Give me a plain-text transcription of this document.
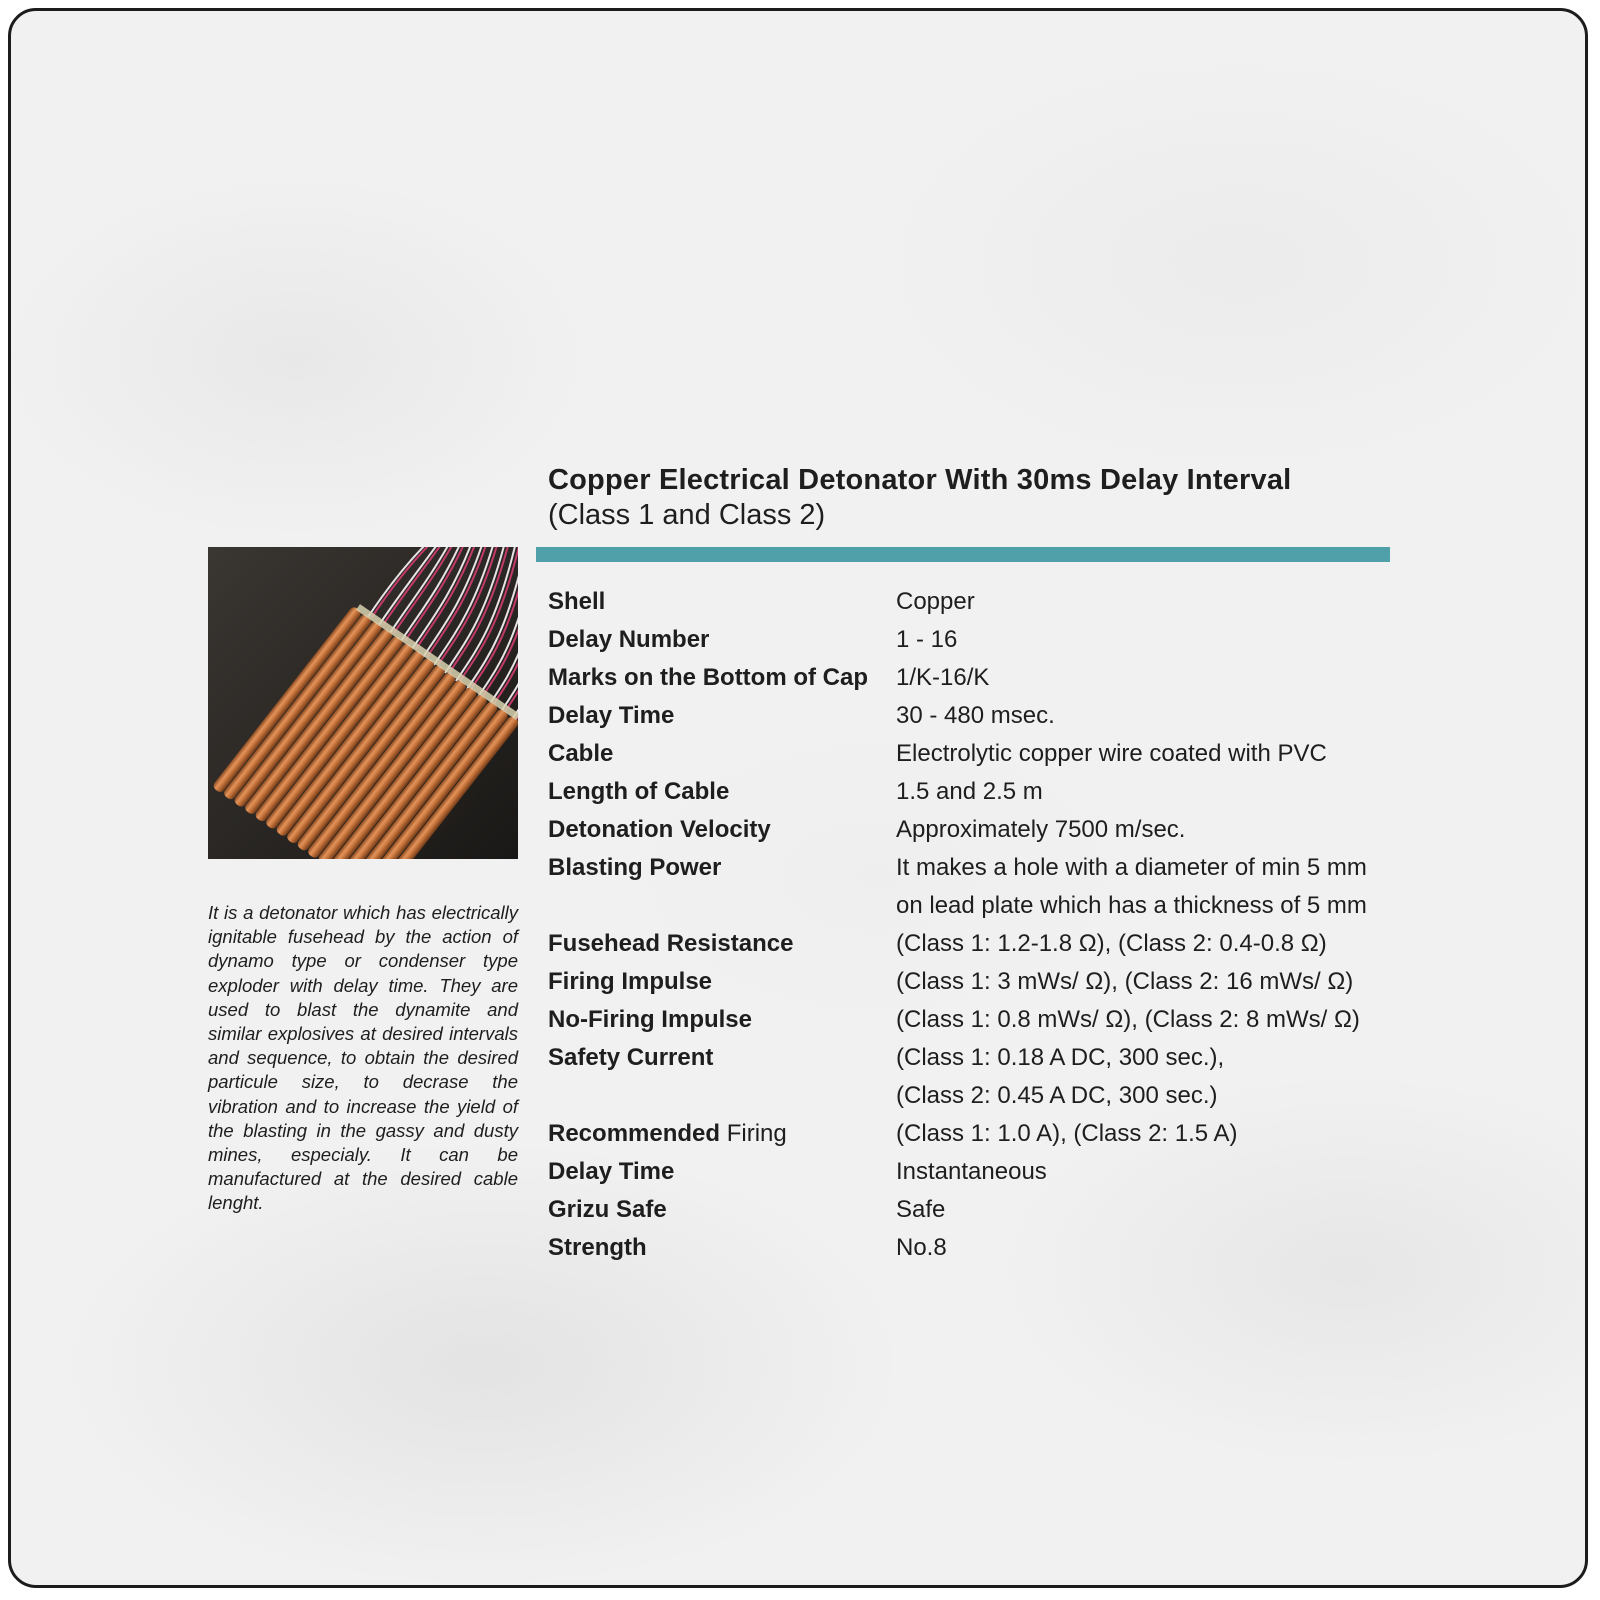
Copper Electrical Detonator With 30ms Delay Interval
(Class 1 and Class 2)

It is a detonator which has electrically ignitable fusehead by the action of dynamo type or condenser type exploder with delay time. They are used to blast the dynamite and similar explosives at desired intervals and sequence, to obtain the desired particule size, to decrase the vibration and to increase the yield of the blasting in the gassy and dusty mines, especialy. It can be manufactured at the desired cable lenght.

Shell	Copper
Delay Number	1 - 16
Marks on the Bottom of Cap	1/K-16/K
Delay Time	30 - 480 msec.
Cable	Electrolytic copper wire coated with PVC
Length of Cable	1.5 and 2.5 m
Detonation Velocity	Approximately 7500 m/sec.
Blasting Power	It makes a hole with a diameter of min 5 mm
on lead plate which has a thickness of 5 mm
Fusehead Resistance	(Class 1: 1.2-1.8 Ω), (Class 2: 0.4-0.8 Ω)
Firing Impulse	(Class 1: 3 mWs/ Ω), (Class 2: 16 mWs/ Ω)
No-Firing Impulse	(Class 1: 0.8 mWs/ Ω), (Class 2: 8 mWs/ Ω)
Safety Current	(Class 1: 0.18 A DC, 300 sec.),
(Class 2: 0.45 A DC, 300 sec.)
Recommended Firing	(Class 1: 1.0 A), (Class 2: 1.5 A)
Delay Time	Instantaneous
Grizu Safe	Safe
Strength	No.8
